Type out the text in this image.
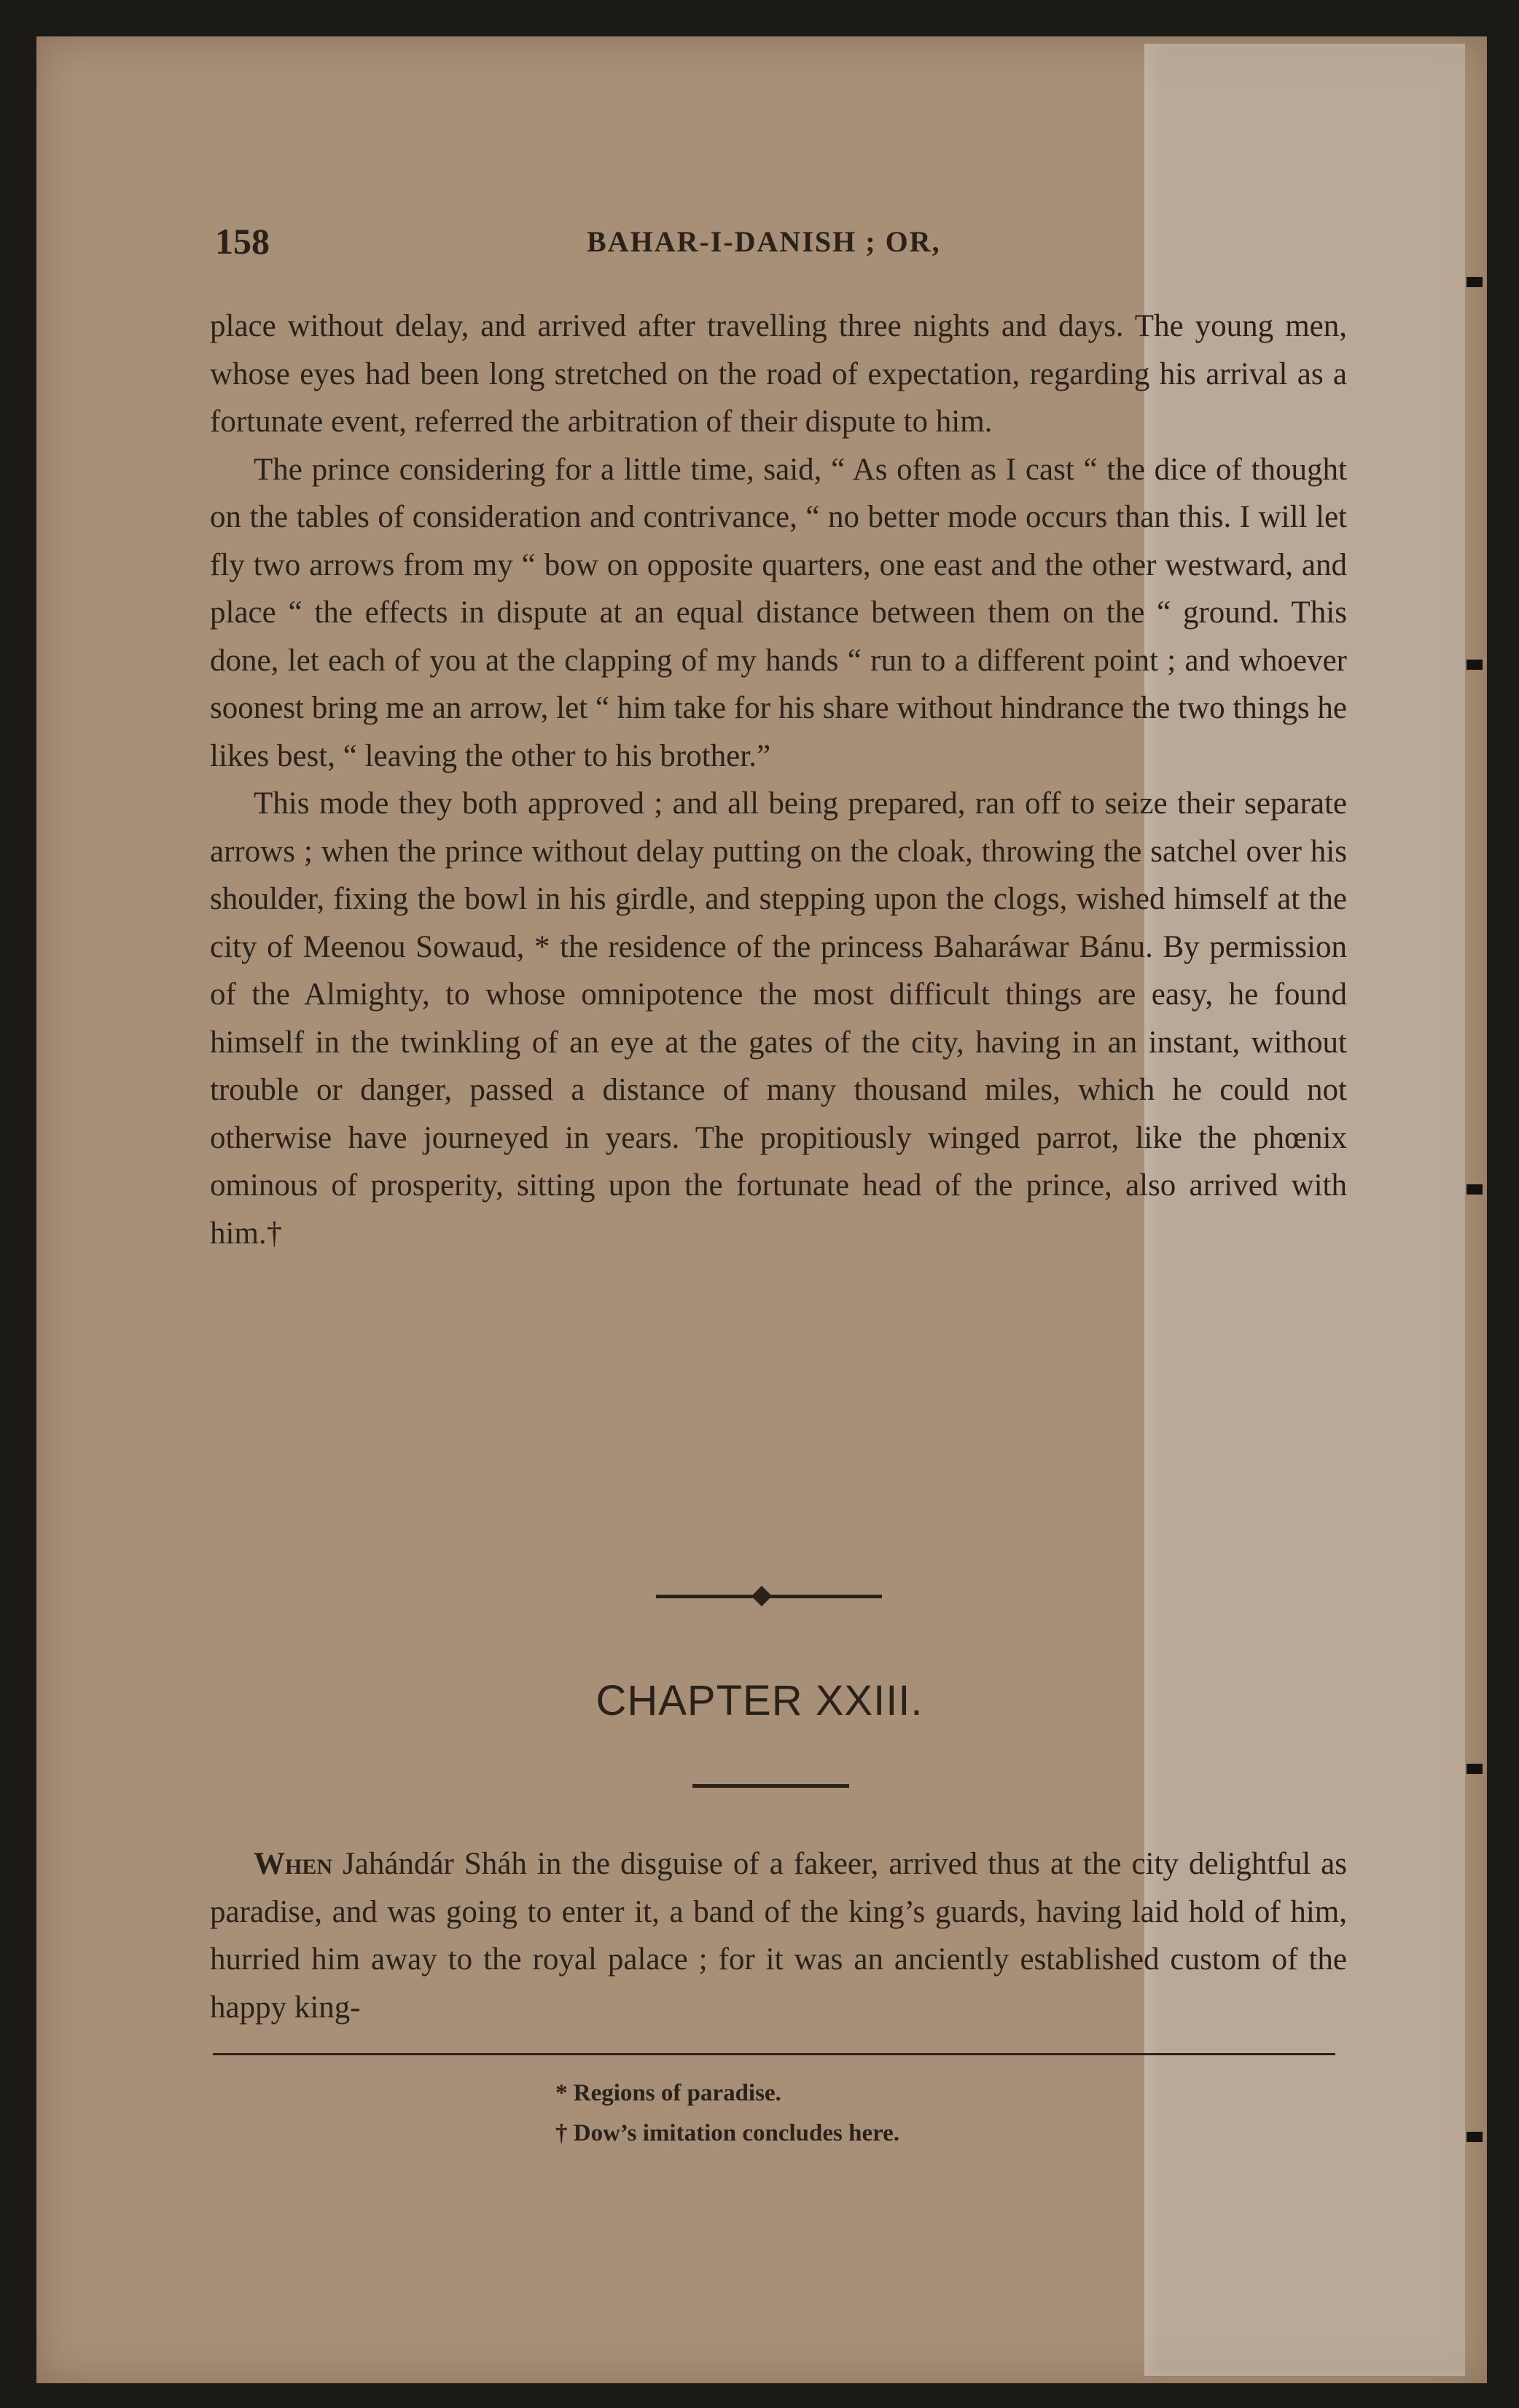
158	BAHAR-I-DANISH ; OR,

place without delay, and arrived after travelling three nights and days. The young men, whose eyes had been long stretched on the road of expectation, regarding his arrival as a fortunate event, referred the arbitration of their dispute to him.

The prince considering for a little time, said, “ As often as I cast “ the dice of thought on the tables of consideration and contrivance, “ no better mode occurs than this. I will let fly two arrows from my “ bow on opposite quarters, one east and the other westward, and place “ the effects in dispute at an equal distance between them on the “ ground. This done, let each of you at the clapping of my hands “ run to a different point ; and whoever soonest bring me an arrow, let “ him take for his share without hindrance the two things he likes best, “ leaving the other to his brother.”

This mode they both approved ; and all being prepared, ran off to seize their separate arrows ; when the prince without delay putting on the cloak, throwing the satchel over his shoulder, fixing the bowl in his girdle, and stepping upon the clogs, wished himself at the city of Meenou Sowaud, * the residence of the princess Baharáwar Bánu. By permission of the Almighty, to whose omnipotence the most difficult things are easy, he found himself in the twinkling of an eye at the gates of the city, having in an instant, without trouble or danger, passed a distance of many thousand miles, which he could not otherwise have journeyed in years. The propitiously winged parrot, like the phœnix ominous of prosperity, sitting upon the fortunate head of the prince, also arrived with him.†

CHAPTER XXIII.

When Jahándár Sháh in the disguise of a fakeer, arrived thus at the city delightful as paradise, and was going to enter it, a band of the king’s guards, having laid hold of him, hurried him away to the royal palace ; for it was an anciently established custom of the happy king-

* Regions of paradise.

† Dow’s imitation concludes here.
